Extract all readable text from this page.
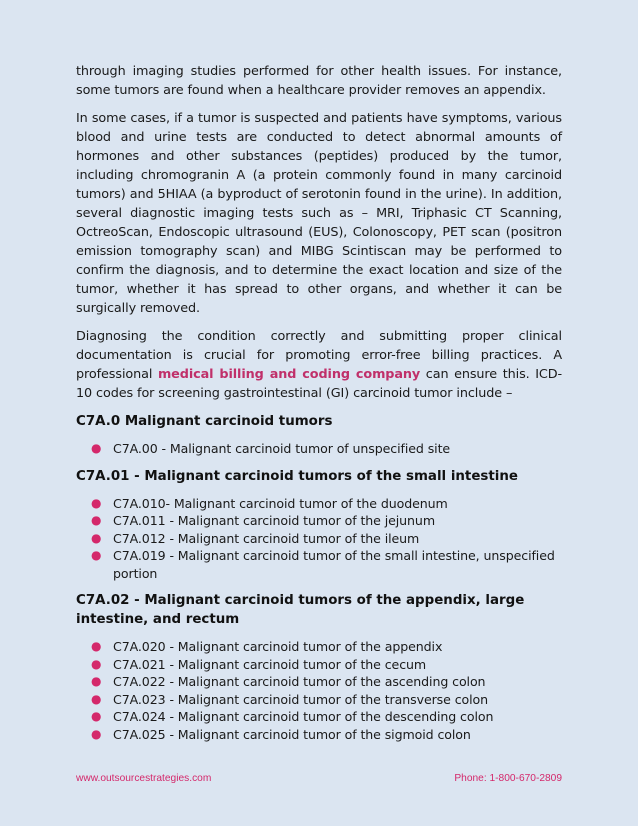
through imaging studies performed for other health issues. For instance, some tumors are found when a healthcare provider removes an appendix.

In some cases, if a tumor is suspected and patients have symptoms, various blood and urine tests are conducted to detect abnormal amounts of hormones and other substances (peptides) produced by the tumor, including chromogranin A (a protein commonly found in many carcinoid tumors) and 5HIAA (a byproduct of serotonin found in the urine). In addition, several diagnostic imaging tests such as – MRI, Triphasic CT Scanning, OctreoScan, Endoscopic ultrasound (EUS), Colonoscopy, PET scan (positron emission tomography scan) and MIBG Scintiscan may be performed to confirm the diagnosis, and to determine the exact location and size of the tumor, whether it has spread to other organs, and whether it can be surgically removed.

Diagnosing the condition correctly and submitting proper clinical documentation is crucial for promoting error-free billing practices. A professional medical billing and coding company can ensure this. ICD-10 codes for screening gastrointestinal (GI) carcinoid tumor include –

C7A.0 Malignant carcinoid tumors
● C7A.00 - Malignant carcinoid tumor of unspecified site
C7A.01 - Malignant carcinoid tumors of the small intestine
● C7A.010- Malignant carcinoid tumor of the duodenum
● C7A.011 - Malignant carcinoid tumor of the jejunum
● C7A.012 - Malignant carcinoid tumor of the ileum
● C7A.019 - Malignant carcinoid tumor of the small intestine, unspecified portion
C7A.02 - Malignant carcinoid tumors of the appendix, large intestine, and rectum
● C7A.020 - Malignant carcinoid tumor of the appendix
● C7A.021 - Malignant carcinoid tumor of the cecum
● C7A.022 - Malignant carcinoid tumor of the ascending colon
● C7A.023 - Malignant carcinoid tumor of the transverse colon
● C7A.024 - Malignant carcinoid tumor of the descending colon
● C7A.025 - Malignant carcinoid tumor of the sigmoid colon
www.outsourcestrategies.com	Phone: 1-800-670-2809
